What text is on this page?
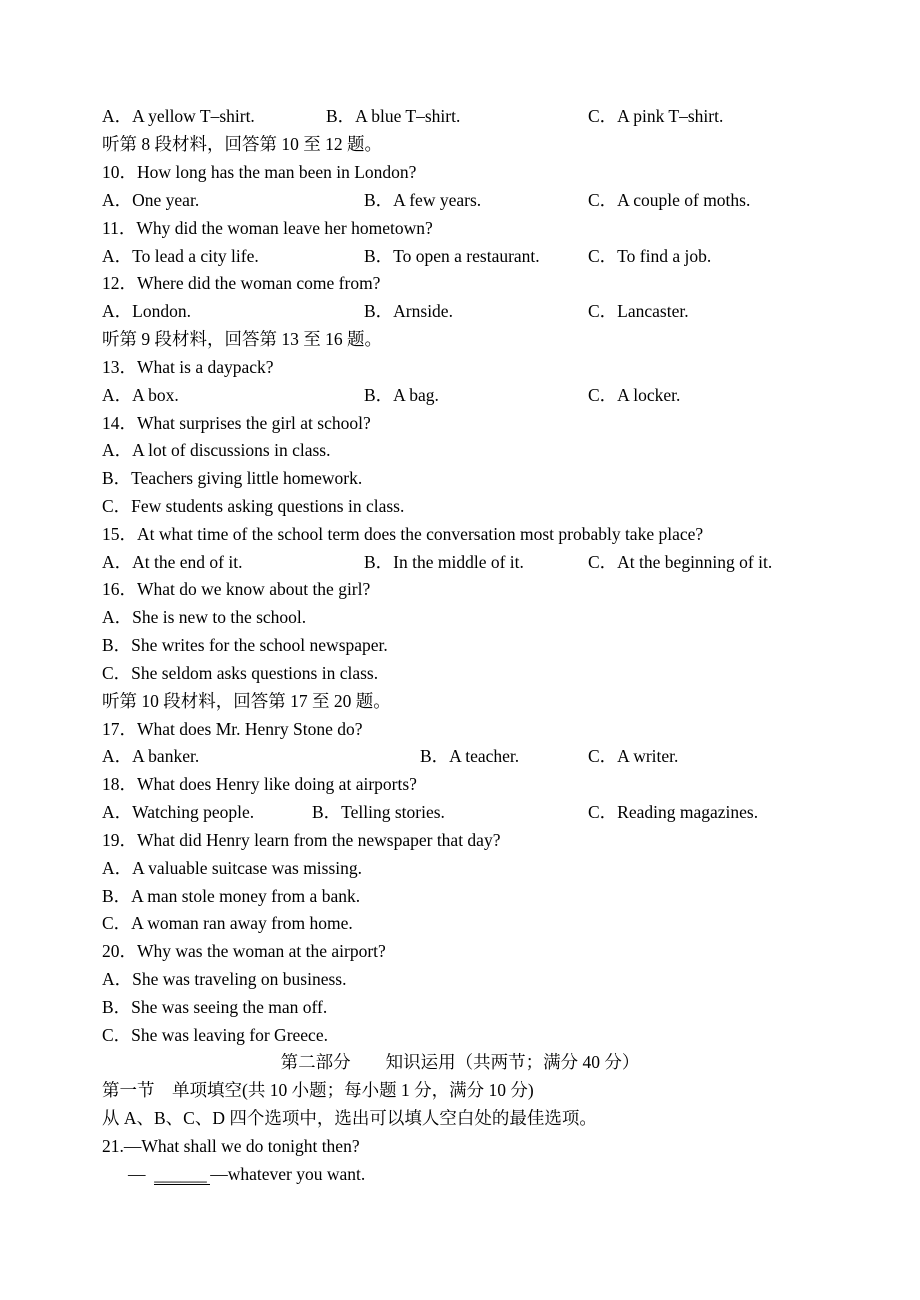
A．A yellow T–shirt.	B．A blue T–shirt.	C．A pink T–shirt.
听第 8 段材料，回答第 10 至 12 题。
10．How long has the man been in London?
A．One year.	B．A few years.	C．A couple of moths.
11．Why did the woman leave her hometown?
A．To lead a city life.	B．To open a restaurant.	C．To find a job.
12．Where did the woman come from?
A．London.	B．Arnside.	C．Lancaster.
听第 9 段材料，回答第 13 至 16 题。
13．What is a daypack?
A．A box.	B．A bag.	C．A locker.
14．What surprises the girl at school?
A．A lot of discussions in class.
B．Teachers giving little homework.
C．Few students asking questions in class.
15．At what time of the school term does the conversation most probably take place?
A．At the end of it.	B．In the middle of it.	C．At the beginning of it.
16．What do we know about the girl?
A．She is new to the school.
B．She writes for the school newspaper.
C．She seldom asks questions in class.
听第 10 段材料，回答第 17 至 20 题。
17．What does Mr. Henry Stone do?
A．A banker.	B．A teacher.	C．A writer.
18．What does Henry like doing at airports?
A．Watching people.	B．Telling stories.	C．Reading magazines.
19．What did Henry learn from the newspaper that day?
A．A valuable suitcase was missing.
B．A man stole money from a bank.
C．A woman ran away from home.
20．Why was the woman at the airport?
A．She was traveling on business.
B．She was seeing the man off.
C．She was leaving for Greece.
第二部分　　知识运用（共两节；满分 40 分）
第一节　单项填空(共 10 小题；每小题 1 分，满分 10 分)
从 A、B、C、D 四个选项中，选出可以填人空白处的最佳选项。
21.—What shall we do tonight then?
— ______ —whatever you want.
